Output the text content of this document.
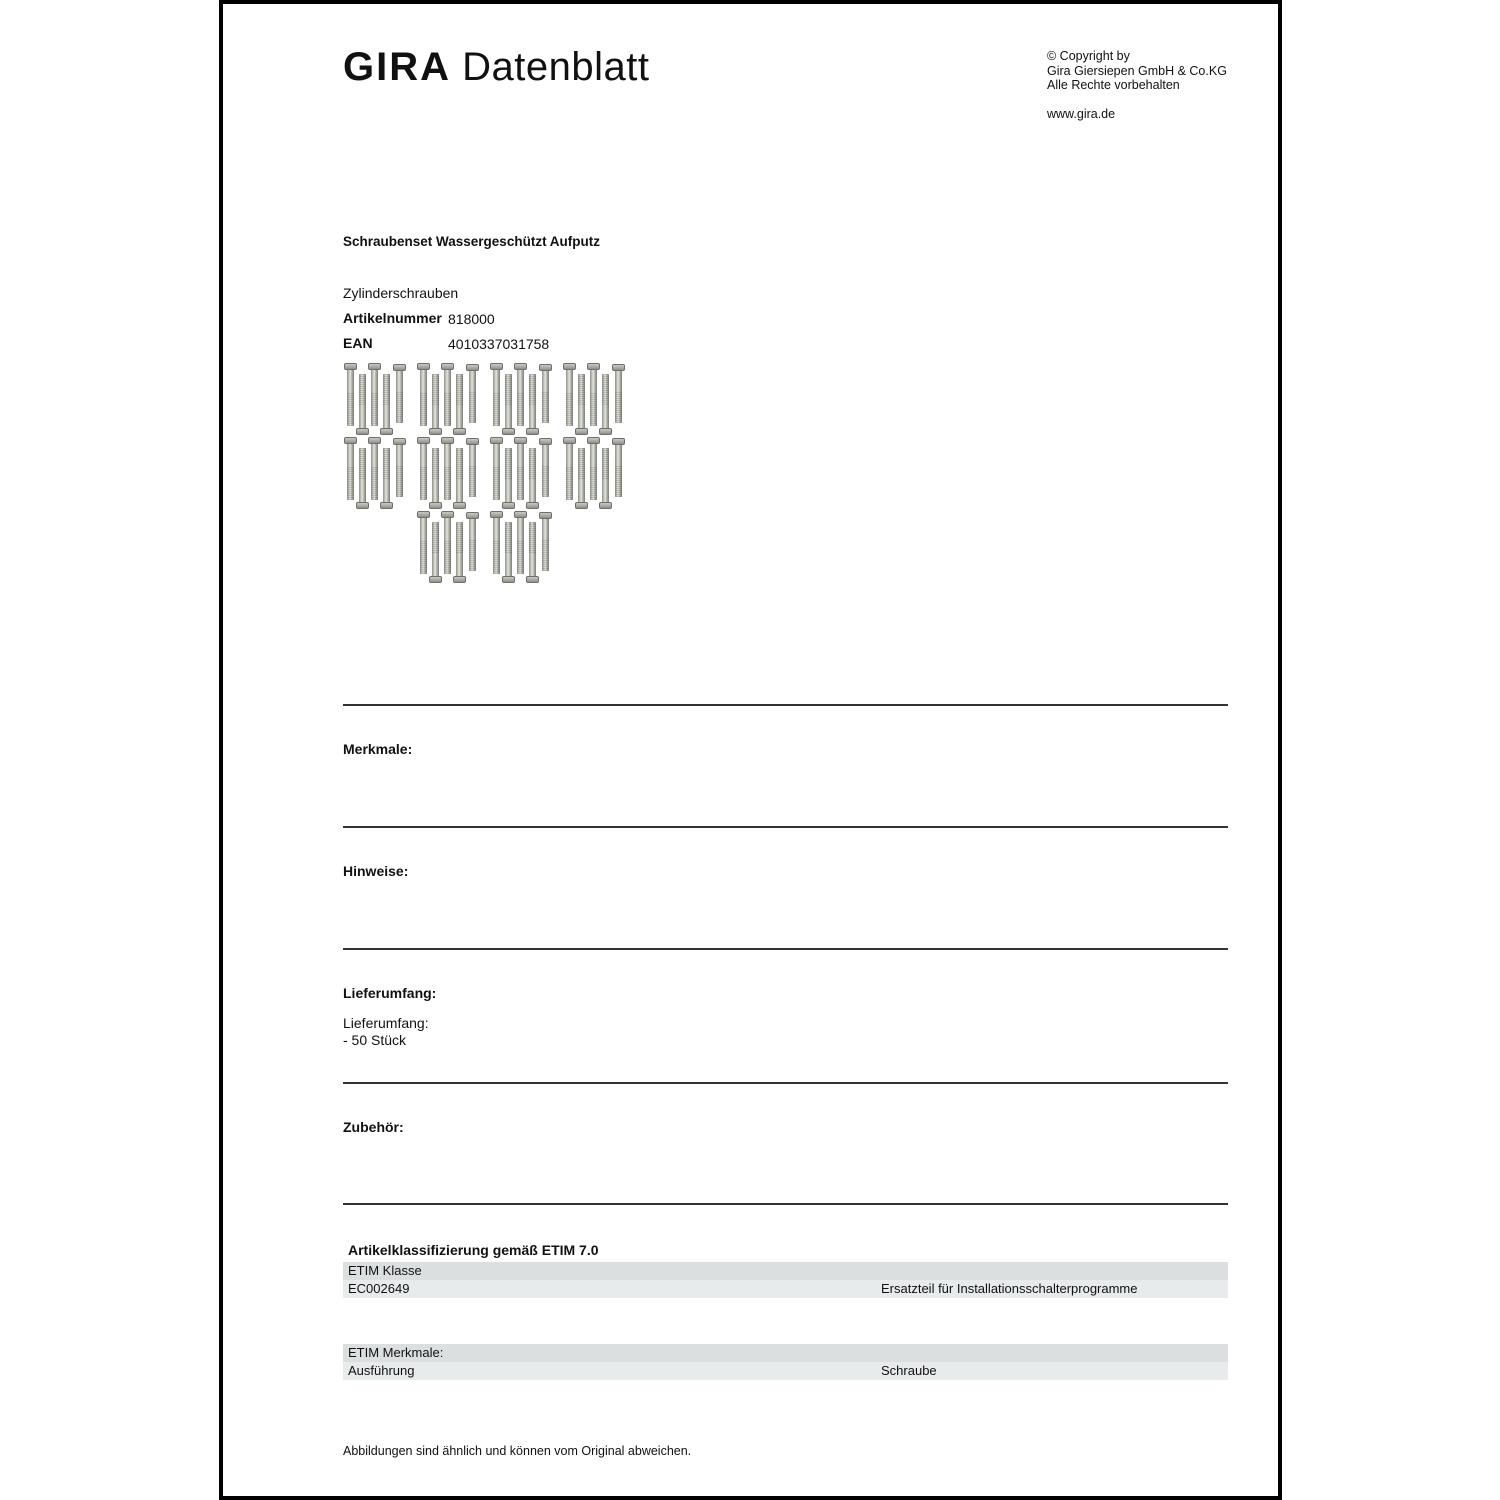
GIRA Datenblatt	© Copyright by
Gira Giersiepen GmbH & Co.KG
Alle Rechte vorbehalten
www.gira.de
Schraubenset Wassergeschützt Aufputz
Zylinderschrauben
Artikelnummer 818000
EAN	4010337031758
Merkmale:
Hinweise:
Lieferumfang:
Lieferumfang:
- 50 Stück
Zubehör:
Artikelklassifizierung gemäß ETIM 7.0
ETIM Klasse
EC002649	Ersatzteil für Installationsschalterprogramme
ETIM Merkmale:
Ausführung	Schraube
Abbildungen sind ähnlich und können vom Original abweichen.
